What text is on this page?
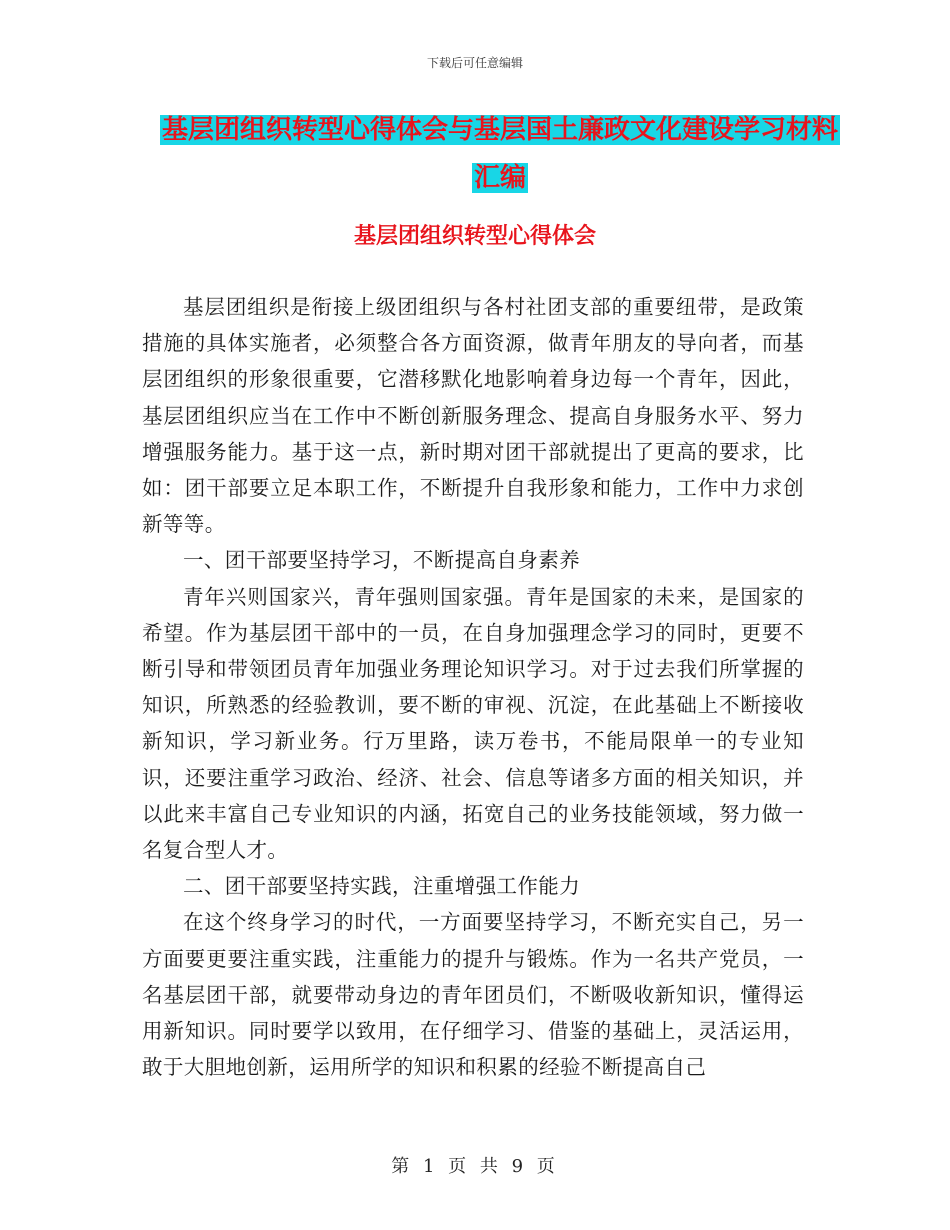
下载后可任意编辑
基层团组织转型心得体会与基层国土廉政文化建设学习材料汇编
基层团组织转型心得体会

基层团组织是衔接上级团组织与各村社团支部的重要纽带，是政策措施的具体实施者，必须整合各方面资源，做青年朋友的导向者，而基层团组织的形象很重要，它潜移默化地影响着身边每一个青年，因此，基层团组织应当在工作中不断创新服务理念、提高自身服务水平、努力增强服务能力。基于这一点，新时期对团干部就提出了更高的要求，比如：团干部要立足本职工作，不断提升自我形象和能力，工作中力求创新等等。

一、团干部要坚持学习，不断提高自身素养

青年兴则国家兴，青年强则国家强。青年是国家的未来，是国家的希望。作为基层团干部中的一员，在自身加强理念学习的同时，更要不断引导和带领团员青年加强业务理论知识学习。对于过去我们所掌握的知识，所熟悉的经验教训，要不断的审视、沉淀，在此基础上不断接收新知识，学习新业务。行万里路，读万卷书，不能局限单一的专业知识，还要注重学习政治、经济、社会、信息等诸多方面的相关知识，并以此来丰富自己专业知识的内涵，拓宽自己的业务技能领域，努力做一名复合型人才。

二、团干部要坚持实践，注重增强工作能力

在这个终身学习的时代，一方面要坚持学习，不断充实自己，另一方面要更要注重实践，注重能力的提升与锻炼。作为一名共产党员，一名基层团干部，就要带动身边的青年团员们，不断吸收新知识，懂得运用新知识。同时要学以致用，在仔细学习、借鉴的基础上，灵活运用，敢于大胆地创新，运用所学的知识和积累的经验不断提高自己

第 1 页 共 9 页
